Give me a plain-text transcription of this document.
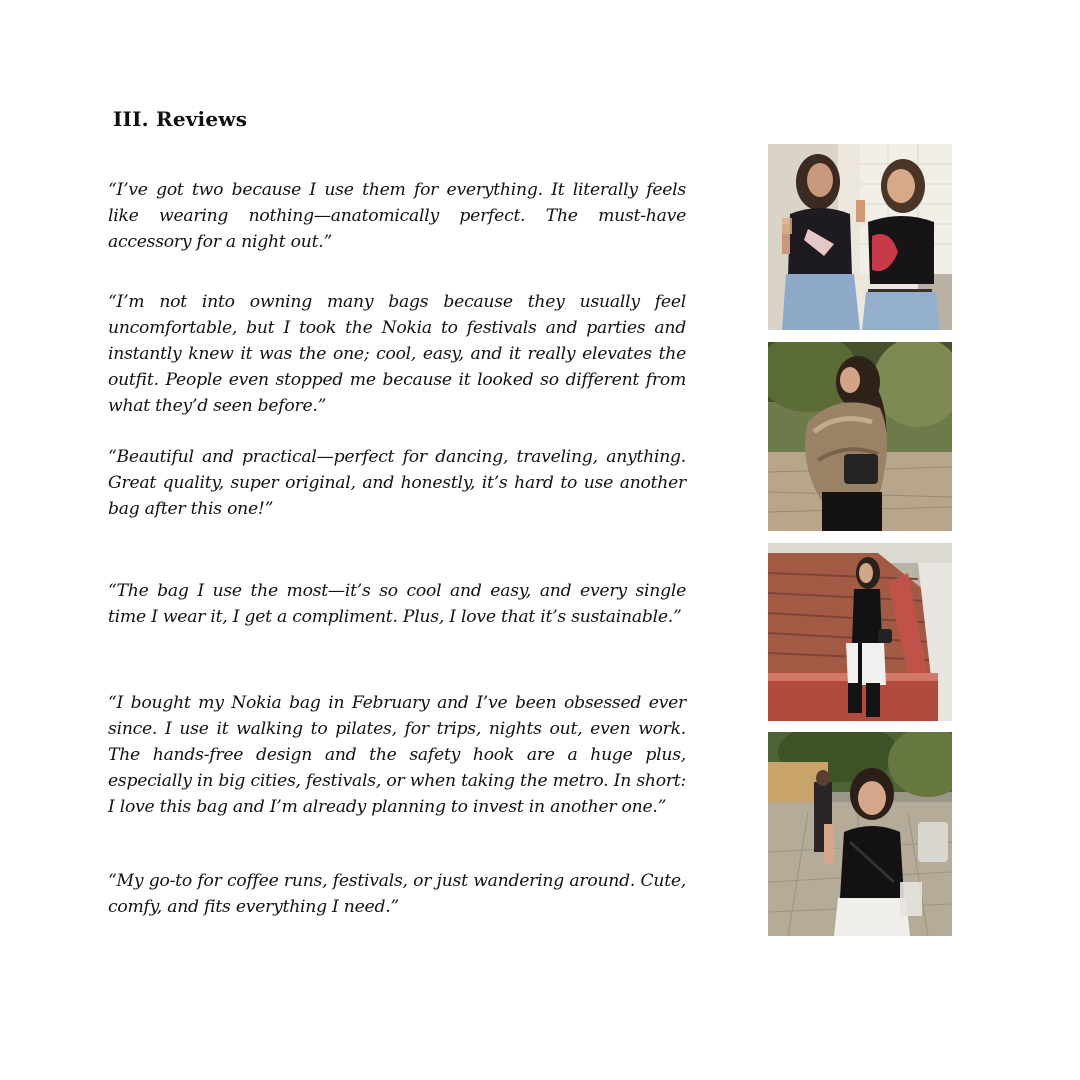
III. Reviews

“I’ve got two because I use them for everything. It literally feels like wearing nothing—anatomically perfect. The must-have accessory for a night out.”

“I’m not into owning many bags because they usually feel uncomfortable, but I took the Nokia to festivals and parties and instantly knew it was the one; cool, easy, and it really elevates the outfit. People even stopped me because it looked so different from what they’d seen before.”

“Beautiful and practical—perfect for dancing, traveling, anything. Great quality, super original, and honestly, it’s hard to use another bag after this one!”

“The bag I use the most—it’s so cool and easy, and every single time I wear it, I get a compliment. Plus, I love that it’s sustainable.”

“I bought my Nokia bag in February and I’ve been obsessed ever since. I use it walking to pilates, for trips, nights out, even work. The hands-free design and the safety hook are a huge plus, especially in big cities, festivals, or when taking the metro. In short: I love this bag and I’m already planning to invest in another one.”

“My go-to for coffee runs, festivals, or just wandering around. Cute, comfy, and fits everything I need.”
